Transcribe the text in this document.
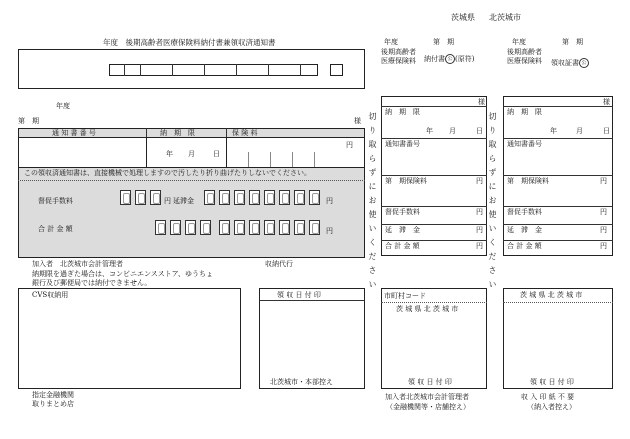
茨城県 北茨城市
年度　後期高齢者医療保険料納付書兼領収済通知書
年度
第　期	様
通 知 書 番 号	納　期　限	保 険 料
年 月	日
円
この領収済通知書は、直接機械で処理しますので汚したり折り曲げたりしないでください。
督促手数料	円 延滞金	円
合 計 金 額	円
加入者　北茨城市会計管理者	収納代行
納期限を過ぎた場合は、コンビニエンスストア、ゆうちょ
銀行及び郵便局では納付できません。
CVS収納用	領 収 日 付 印
北茨城市・本部控え
指定金融機関
取りまとめ店
切り取らずにお使いください	切り取らずにお使いください
年度	第　期
後期高齢者
医療保険料 納付書 公 (原符)
様
納　期　限
年 月	日
通知書番号
第　期保険料	円
督促手数料	円
延　滞　金	円
合 計 金 額	円
市町村コード
茨 城 県 北 茨 城 市
領 収 日 付 印
加入者北茨城市会計管理者
（金融機関等・店舗控え）
年度	第　期
後期高齢者
医療保険料 領収証書 公
様
納　期　限
年	月	日
通知書番号
第　期保険料	円
督促手数料	円
延　滞　金	円
合 計 金 額	円
茨 城 県 北 茨 城 市
領 収 日 付 印
収 入 印 紙 不 要
（納入者控え）
